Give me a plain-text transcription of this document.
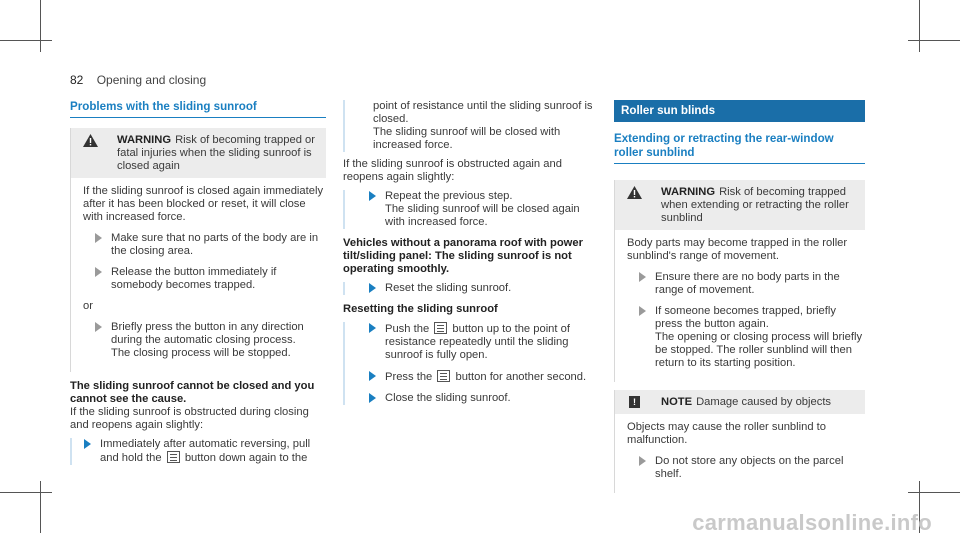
82 Opening and closing
Problems with the sliding sunroof
WARNING Risk of becoming trapped or fatal injuries when the sliding sunroof is closed again

If the sliding sunroof is closed again immediately after it has been blocked or reset, it will close with increased force.

Make sure that no parts of the body are in the closing area.
Release the button immediately if somebody becomes trapped.

or

Briefly press the button in any direction during the automatic closing process.
The closing process will be stopped.

The sliding sunroof cannot be closed and you cannot see the cause.

If the sliding sunroof is obstructed during closing and reopens again slightly:

Immediately after automatic reversing, pull and hold the button down again to the

point of resistance until the sliding sunroof is closed.

The sliding sunroof will be closed with increased force.

If the sliding sunroof is obstructed again and reopens again slightly:

Repeat the previous step.
The sliding sunroof will be closed again with increased force.

Vehicles without a panorama roof with power tilt/sliding panel: The sliding sunroof is not operating smoothly.

Reset the sliding sunroof.

Resetting the sliding sunroof

Push the button up to the point of resistance repeatedly until the sliding sunroof is fully open.
Press the button for another second.
Close the sliding sunroof.
Roller sun blinds
Extending or retracting the rear-window roller sunblind
WARNING Risk of becoming trapped when extending or retracting the roller sunblind

Body parts may become trapped in the roller sunblind's range of movement.

Ensure there are no body parts in the range of movement.
If someone becomes trapped, briefly press the button again.
The opening or closing process will briefly be stopped. The roller sunblind will then return to its starting position.
!	NOTE Damage caused by objects

Objects may cause the roller sunblind to malfunction.

Do not store any objects on the parcel shelf.
carmanualsonline.info
